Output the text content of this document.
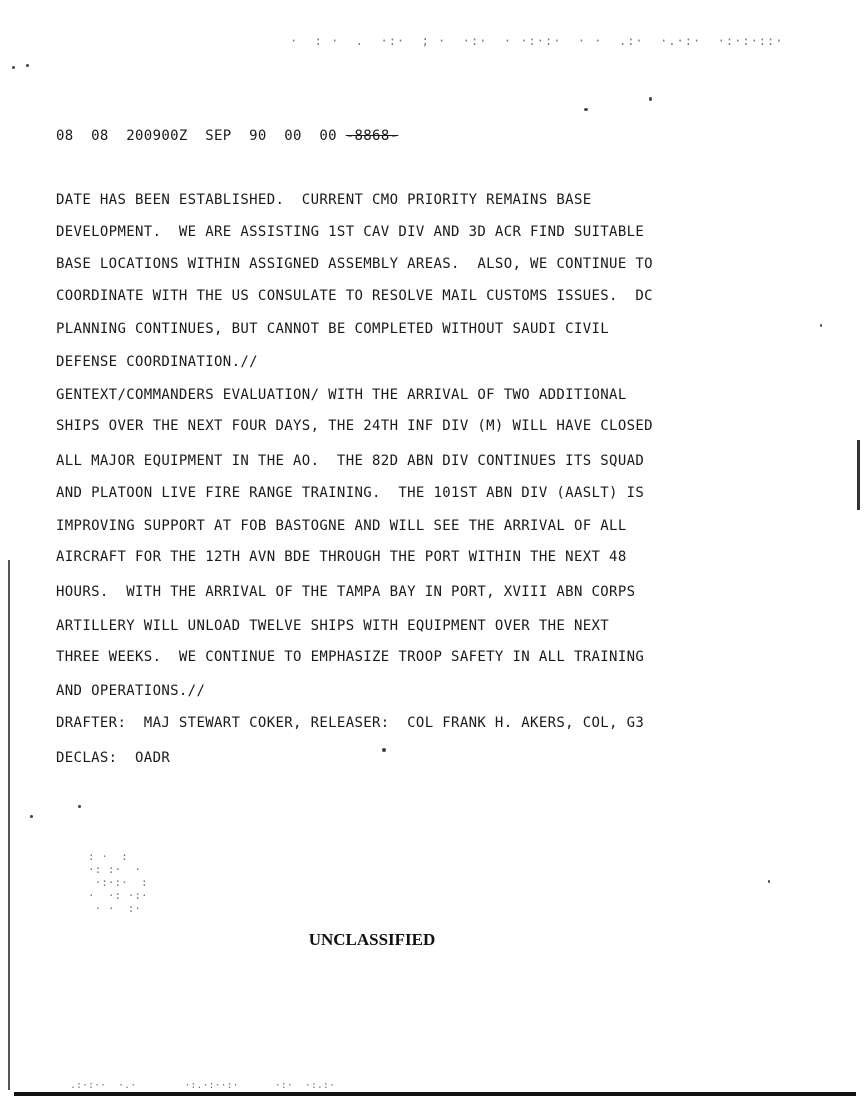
·  : ·  .  ·:·  ; ·  ·:·  · ·:·:·  · ·  .:·  ·.·:·  ·:·:·::·
08  08  200900Z  SEP  90  00  00 -8868-
DATE HAS BEEN ESTABLISHED.  CURRENT CMO PRIORITY REMAINS BASE
DEVELOPMENT.  WE ARE ASSISTING 1ST CAV DIV AND 3D ACR FIND SUITABLE
BASE LOCATIONS WITHIN ASSIGNED ASSEMBLY AREAS.  ALSO, WE CONTINUE TO
COORDINATE WITH THE US CONSULATE TO RESOLVE MAIL CUSTOMS ISSUES.  DC
PLANNING CONTINUES, BUT CANNOT BE COMPLETED WITHOUT SAUDI CIVIL
DEFENSE COORDINATION.//
GENTEXT/COMMANDERS EVALUATION/ WITH THE ARRIVAL OF TWO ADDITIONAL
SHIPS OVER THE NEXT FOUR DAYS, THE 24TH INF DIV (M) WILL HAVE CLOSED
ALL MAJOR EQUIPMENT IN THE AO.  THE 82D ABN DIV CONTINUES ITS SQUAD
AND PLATOON LIVE FIRE RANGE TRAINING.  THE 101ST ABN DIV (AASLT) IS
IMPROVING SUPPORT AT FOB BASTOGNE AND WILL SEE THE ARRIVAL OF ALL
AIRCRAFT FOR THE 12TH AVN BDE THROUGH THE PORT WITHIN THE NEXT 48
HOURS.  WITH THE ARRIVAL OF THE TAMPA BAY IN PORT, XVIII ABN CORPS
ARTILLERY WILL UNLOAD TWELVE SHIPS WITH EQUIPMENT OVER THE NEXT
THREE WEEKS.  WE CONTINUE TO EMPHASIZE TROOP SAFETY IN ALL TRAINING
AND OPERATIONS.//
DRAFTER:  MAJ STEWART COKER, RELEASER:  COL FRANK H. AKERS, COL, G3
DECLAS:  OADR
: ·  :
·: :·  ·
·:·:·  :
·  ·: ·:·
· ·  :·
UNCLASSIFIED
.:·:··  ·.·        ·:.·:··:·      ·:·  ·:.:·
